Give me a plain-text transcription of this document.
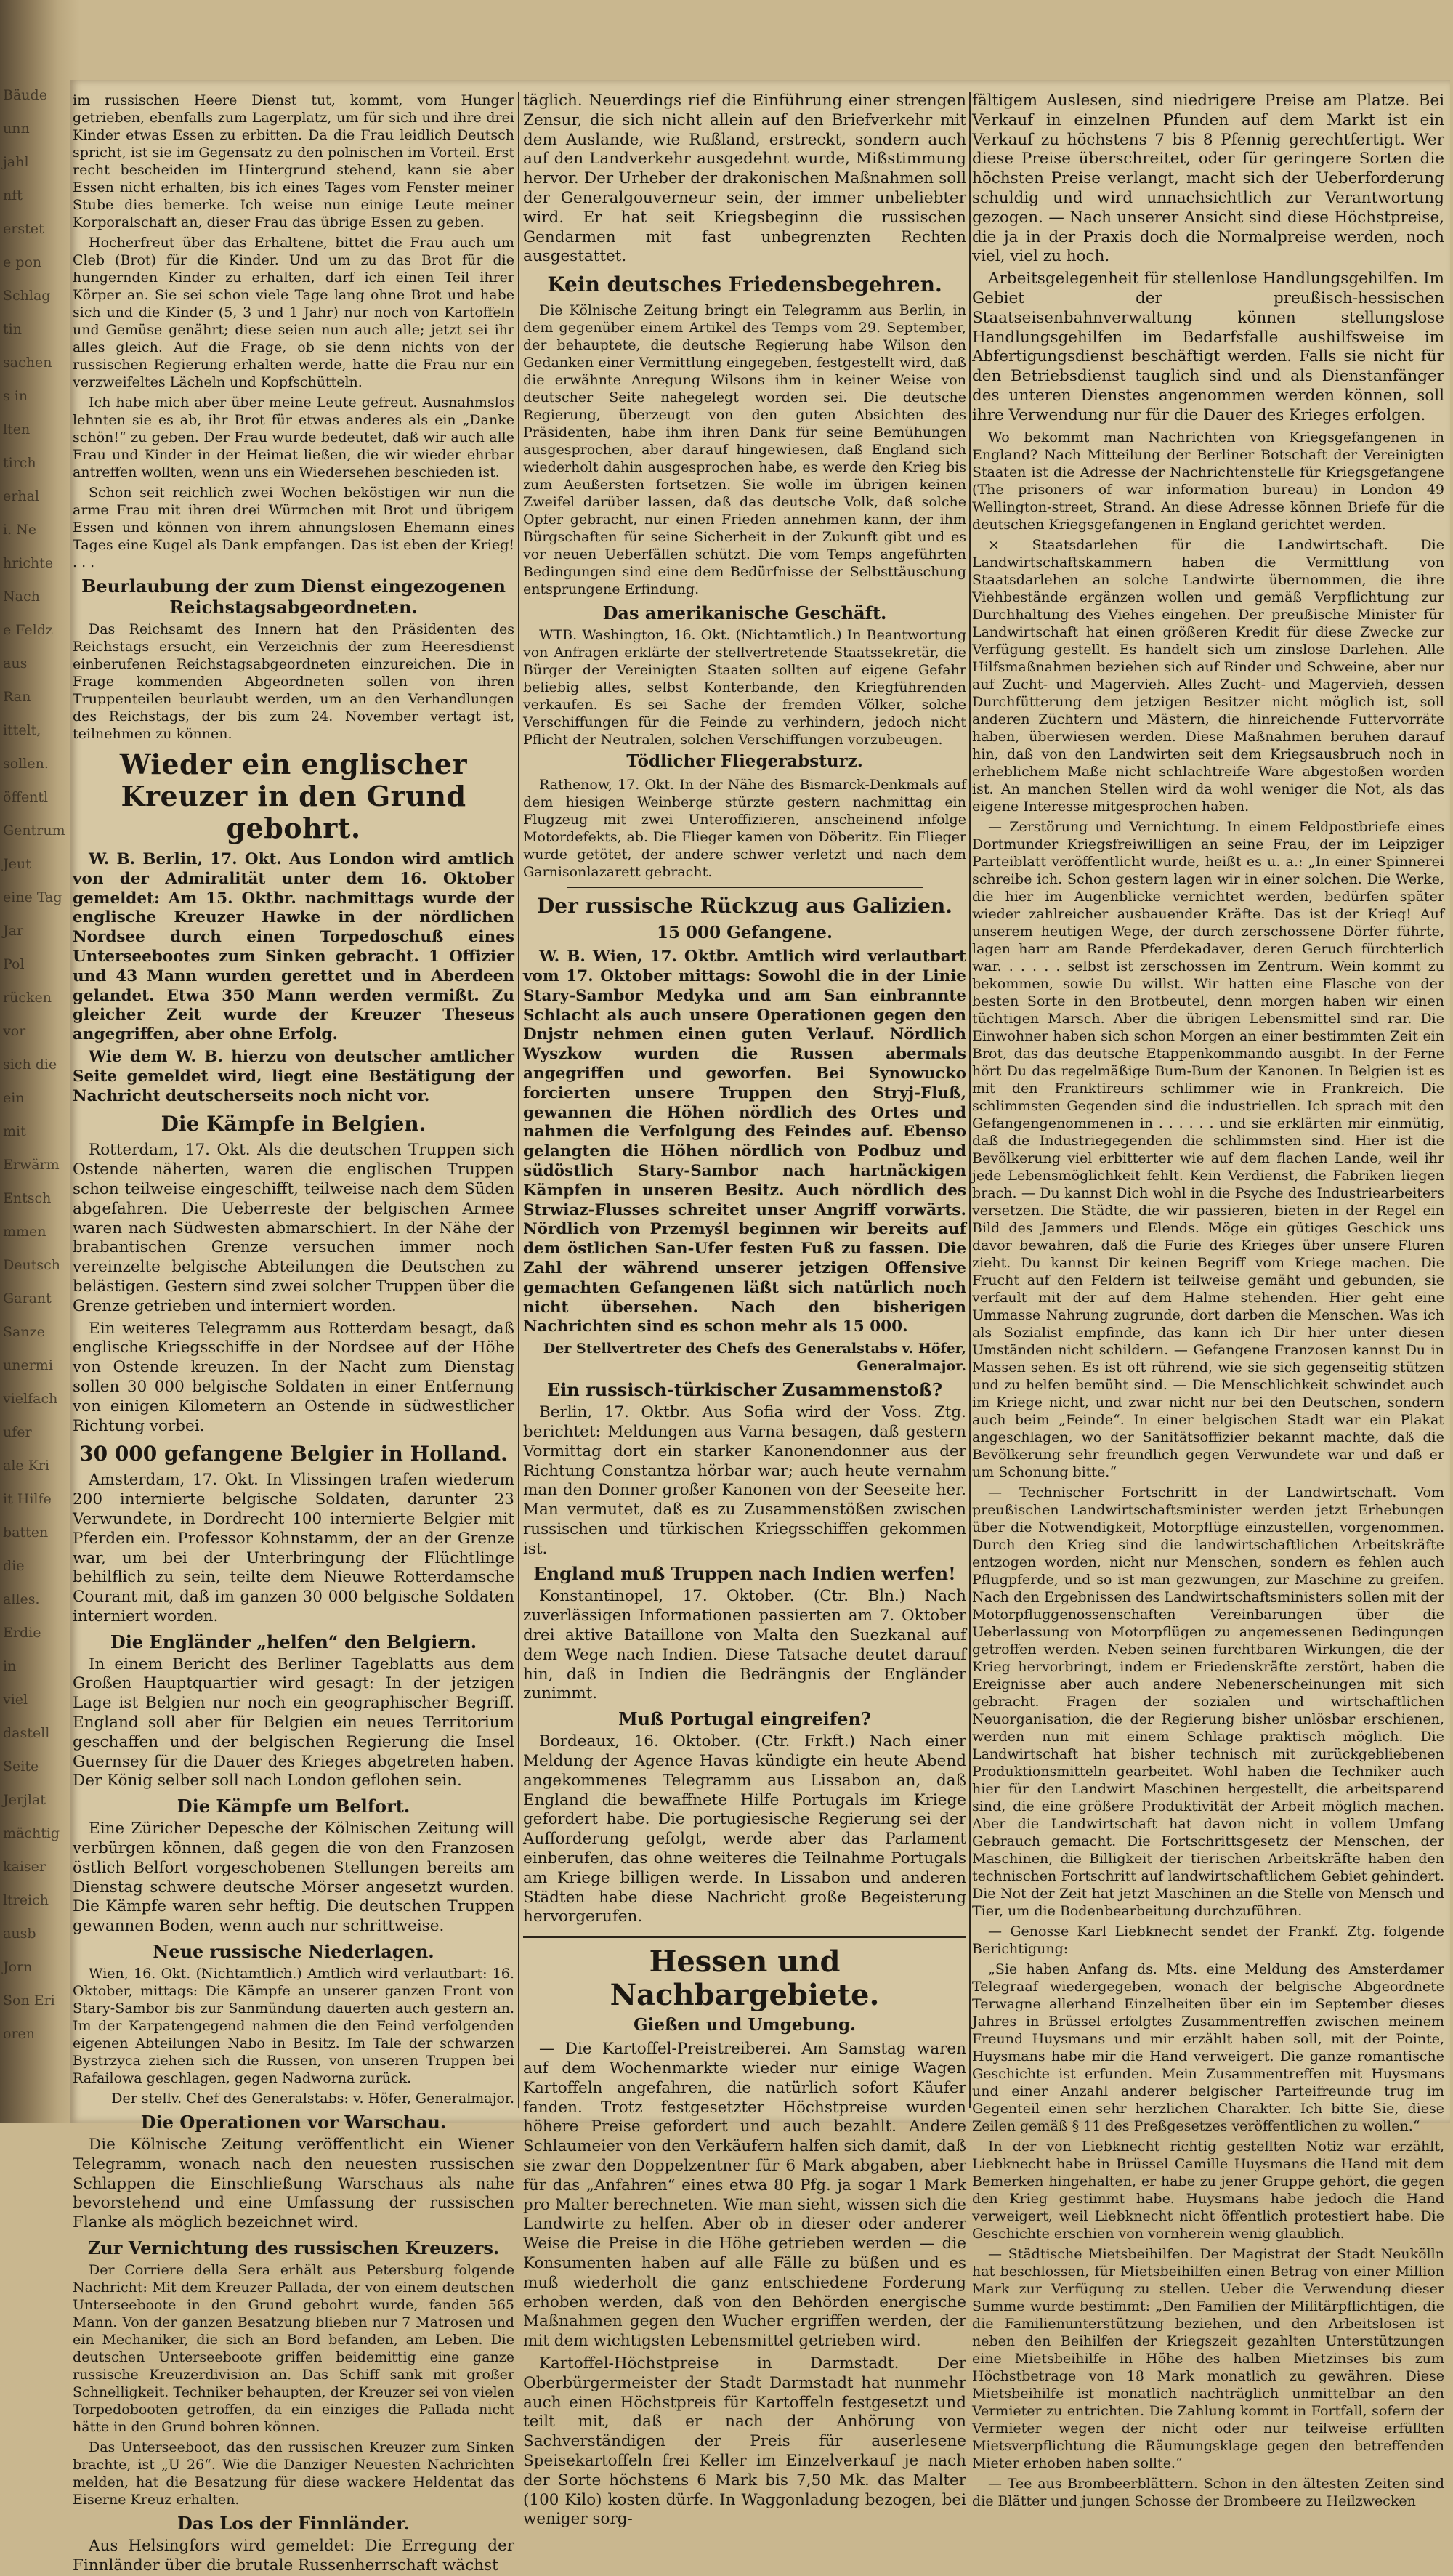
Bäude
unn
jahl
nft
erstet
e pon
Schlag
tin
sachen
s in
lten
tirch
erhal
i. Ne
hrichte
Nach
e Feldz
aus
Ran
ittelt,
sollen.
öffentl
Gentrum
Jeut
eine Tag
Jar
Pol
rücken
vor
sich die
ein
mit
Erwärm
Entsch
mmen
Deutsch
Garant
Sanze
unermi
vielfach
ufer
ale Kri
it Hilfe
batten
die
alles.
Erdie
in
viel
dastell
Seite
Jerjlat
mächtig
kaiser
ltreich
ausb
Jorn
Son Eri
oren

im russischen Heere Dienst tut, kommt, vom Hunger getrieben, ebenfalls zum Lagerplatz, um für sich und ihre drei Kinder etwas Essen zu erbitten. Da die Frau leidlich Deutsch spricht, ist sie im Gegensatz zu den polnischen im Vorteil. Erst recht bescheiden im Hintergrund stehend, kann sie aber Essen nicht erhalten, bis ich eines Tages vom Fenster meiner Stube dies bemerke. Ich weise nun einige Leute meiner Korporalschaft an, dieser Frau das übrige Essen zu geben.

Hocherfreut über das Erhaltene, bittet die Frau auch um Cleb (Brot) für die Kinder. Und um zu das Brot für die hungernden Kinder zu erhalten, darf ich einen Teil ihrer Körper an. Sie sei schon viele Tage lang ohne Brot und habe sich und die Kinder (5, 3 und 1 Jahr) nur noch von Kartoffeln und Gemüse genährt; diese seien nun auch alle; jetzt sei ihr alles gleich. Auf die Frage, ob sie denn nichts von der russischen Regierung erhalten werde, hatte die Frau nur ein verzweifeltes Lächeln und Kopfschütteln.

Ich habe mich aber über meine Leute gefreut. Ausnahmslos lehnten sie es ab, ihr Brot für etwas anderes als ein „Danke schön!“ zu geben. Der Frau wurde bedeutet, daß wir auch alle Frau und Kinder in der Heimat ließen, die wir wieder ehrbar antreffen wollten, wenn uns ein Wiedersehen beschieden ist.

Schon seit reichlich zwei Wochen beköstigen wir nun die arme Frau mit ihren drei Würmchen mit Brot und übrigem Essen und können von ihrem ahnungslosen Ehemann eines Tages eine Kugel als Dank empfangen. Das ist eben der Krieg! . . .

Beurlaubung der zum Dienst eingezogenen Reichstagsabgeordneten.

Das Reichsamt des Innern hat den Präsidenten des Reichstags ersucht, ein Verzeichnis der zum Heeresdienst einberufenen Reichstagsabgeordneten einzureichen. Die in Frage kommenden Abgeordneten sollen von ihren Truppenteilen beurlaubt werden, um an den Verhandlungen des Reichstags, der bis zum 24. November vertagt ist, teilnehmen zu können.

Wieder ein englischer Kreuzer in den Grund gebohrt.

W. B. Berlin, 17. Okt. Aus London wird amtlich von der Admiralität unter dem 16. Oktober gemeldet: Am 15. Oktbr. nachmittags wurde der englische Kreuzer Hawke in der nördlichen Nordsee durch einen Torpedoschuß eines Unterseebootes zum Sinken gebracht. 1 Offizier und 43 Mann wurden gerettet und in Aberdeen gelandet. Etwa 350 Mann werden vermißt. Zu gleicher Zeit wurde der Kreuzer Theseus angegriffen, aber ohne Erfolg.

Wie dem W. B. hierzu von deutscher amtlicher Seite gemeldet wird, liegt eine Bestätigung der Nachricht deutscherseits noch nicht vor.

Die Kämpfe in Belgien.

Rotterdam, 17. Okt. Als die deutschen Truppen sich Ostende näherten, waren die englischen Truppen schon teilweise eingeschifft, teilweise nach dem Süden abgefahren. Die Ueberreste der belgischen Armee waren nach Südwesten abmarschiert. In der Nähe der brabantischen Grenze versuchen immer noch vereinzelte belgische Abteilungen die Deutschen zu belästigen. Gestern sind zwei solcher Truppen über die Grenze getrieben und interniert worden.

Ein weiteres Telegramm aus Rotterdam besagt, daß englische Kriegsschiffe in der Nordsee auf der Höhe von Ostende kreuzen. In der Nacht zum Dienstag sollen 30 000 belgische Soldaten in einer Entfernung von einigen Kilometern an Ostende in südwestlicher Richtung vorbei.

30 000 gefangene Belgier in Holland.

Amsterdam, 17. Okt. In Vlissingen trafen wiederum 200 internierte belgische Soldaten, darunter 23 Verwundete, in Dordrecht 100 internierte Belgier mit Pferden ein. Professor Kohnstamm, der an der Grenze war, um bei der Unterbringung der Flüchtlinge behilflich zu sein, teilte dem Nieuwe Rotterdamsche Courant mit, daß im ganzen 30 000 belgische Soldaten interniert worden.

Die Engländer „helfen“ den Belgiern.

In einem Bericht des Berliner Tageblatts aus dem Großen Hauptquartier wird gesagt: In der jetzigen Lage ist Belgien nur noch ein geographischer Begriff. England soll aber für Belgien ein neues Territorium geschaffen und der belgischen Regierung die Insel Guernsey für die Dauer des Krieges abgetreten haben. Der König selber soll nach London geflohen sein.

Die Kämpfe um Belfort.

Eine Züricher Depesche der Kölnischen Zeitung will verbürgen können, daß gegen die von den Franzosen östlich Belfort vorgeschobenen Stellungen bereits am Dienstag schwere deutsche Mörser angesetzt wurden. Die Kämpfe waren sehr heftig. Die deutschen Truppen gewannen Boden, wenn auch nur schrittweise.

Neue russische Niederlagen.

Wien, 16. Okt. (Nichtamtlich.) Amtlich wird verlautbart: 16. Oktober, mittags: Die Kämpfe an unserer ganzen Front von Stary-Sambor bis zur Sanmündung dauerten auch gestern an. Im der Karpatengegend nahmen die den Feind verfolgenden eigenen Abteilungen Nabo in Besitz. Im Tale der schwarzen Bystrzyca ziehen sich die Russen, von unseren Truppen bei Rafailowa geschlagen, gegen Nadworna zurück.

Der stellv. Chef des Generalstabs: v. Höfer, Generalmajor.

Die Operationen vor Warschau.

Die Kölnische Zeitung veröffentlicht ein Wiener Telegramm, wonach nach den neuesten russischen Schlappen die Einschließung Warschaus als nahe bevorstehend und eine Umfassung der russischen Flanke als möglich bezeichnet wird.

Zur Vernichtung des russischen Kreuzers.

Der Corriere della Sera erhält aus Petersburg folgende Nachricht: Mit dem Kreuzer Pallada, der von einem deutschen Unterseeboote in den Grund gebohrt wurde, fanden 565 Mann. Von der ganzen Besatzung blieben nur 7 Matrosen und ein Mechaniker, die sich an Bord befanden, am Leben. Die deutschen Unterseeboote griffen beidemittig eine ganze russische Kreuzerdivision an. Das Schiff sank mit großer Schnelligkeit. Techniker behaupten, der Kreuzer sei von vielen Torpedobooten getroffen, da ein einziges die Pallada nicht hätte in den Grund bohren können.

Das Unterseeboot, das den russischen Kreuzer zum Sinken brachte, ist „U 26“. Wie die Danziger Neuesten Nachrichten melden, hat die Besatzung für diese wackere Heldentat das Eiserne Kreuz erhalten.

Das Los der Finnländer.

Aus Helsingfors wird gemeldet: Die Erregung der Finnländer über die brutale Russenherrschaft wächst

täglich. Neuerdings rief die Einführung einer strengen Zensur, die sich nicht allein auf den Briefverkehr mit dem Auslande, wie Rußland, erstreckt, sondern auch auf den Landverkehr ausgedehnt wurde, Mißstimmung hervor. Der Urheber der drakonischen Maßnahmen soll der Generalgouverneur sein, der immer unbeliebter wird. Er hat seit Kriegsbeginn die russischen Gendarmen mit fast unbegrenzten Rechten ausgestattet.

Kein deutsches Friedensbegehren.

Die Kölnische Zeitung bringt ein Telegramm aus Berlin, in dem gegenüber einem Artikel des Temps vom 29. September, der behauptete, die deutsche Regierung habe Wilson den Gedanken einer Vermittlung eingegeben, festgestellt wird, daß die erwähnte Anregung Wilsons ihm in keiner Weise von deutscher Seite nahegelegt worden sei. Die deutsche Regierung, überzeugt von den guten Absichten des Präsidenten, habe ihm ihren Dank für seine Bemühungen ausgesprochen, aber darauf hingewiesen, daß England sich wiederholt dahin ausgesprochen habe, es werde den Krieg bis zum Aeußersten fortsetzen. Sie wolle im übrigen keinen Zweifel darüber lassen, daß das deutsche Volk, daß solche Opfer gebracht, nur einen Frieden annehmen kann, der ihm Bürgschaften für seine Sicherheit in der Zukunft gibt und es vor neuen Ueberfällen schützt. Die vom Temps angeführten Bedingungen sind eine dem Bedürfnisse der Selbsttäuschung entsprungene Erfindung.

Das amerikanische Geschäft.

WTB. Washington, 16. Okt. (Nichtamtlich.) In Beantwortung von Anfragen erklärte der stellvertretende Staatssekretär, die Bürger der Vereinigten Staaten sollten auf eigene Gefahr beliebig alles, selbst Konterbande, den Kriegführenden verkaufen. Es sei Sache der fremden Völker, solche Verschiffungen für die Feinde zu verhindern, jedoch nicht Pflicht der Neutralen, solchen Verschiffungen vorzubeugen.

Tödlicher Fliegerabsturz.

Rathenow, 17. Okt. In der Nähe des Bismarck-Denkmals auf dem hiesigen Weinberge stürzte gestern nachmittag ein Flugzeug mit zwei Unteroffizieren, anscheinend infolge Motordefekts, ab. Die Flieger kamen von Döberitz. Ein Flieger wurde getötet, der andere schwer verletzt und nach dem Garnisonlazarett gebracht.

Der russische Rückzug aus Galizien.
15 000 Gefangene.

W. B. Wien, 17. Oktbr. Amtlich wird verlautbart vom 17. Oktober mittags: Sowohl die in der Linie Stary-Sambor Medyka und am San einbrannte Schlacht als auch unsere Operationen gegen den Dnjstr nehmen einen guten Verlauf. Nördlich Wyszkow wurden die Russen abermals angegriffen und geworfen. Bei Synowucko forcierten unsere Truppen den Stryj-Fluß, gewannen die Höhen nördlich des Ortes und nahmen die Verfolgung des Feindes auf. Ebenso gelangten die Höhen nördlich von Podbuz und südöstlich Stary-Sambor nach hartnäckigen Kämpfen in unseren Besitz. Auch nördlich des Strwiaz-Flusses schreitet unser Angriff vorwärts. Nördlich von Przemyśl beginnen wir bereits auf dem östlichen San-Ufer festen Fuß zu fassen. Die Zahl der während unserer jetzigen Offensive gemachten Gefangenen läßt sich natürlich noch nicht übersehen. Nach den bisherigen Nachrichten sind es schon mehr als 15 000.

Der Stellvertreter des Chefs des Generalstabs v. Höfer, Generalmajor.

Ein russisch-türkischer Zusammenstoß?

Berlin, 17. Oktbr. Aus Sofia wird der Voss. Ztg. berichtet: Meldungen aus Varna besagen, daß gestern Vormittag dort ein starker Kanonendonner aus der Richtung Constantza hörbar war; auch heute vernahm man den Donner großer Kanonen von der Seeseite her. Man vermutet, daß es zu Zusammenstößen zwischen russischen und türkischen Kriegsschiffen gekommen ist.

England muß Truppen nach Indien werfen!

Konstantinopel, 17. Oktober. (Ctr. Bln.) Nach zuverlässigen Informationen passierten am 7. Oktober drei aktive Bataillone von Malta den Suezkanal auf dem Wege nach Indien. Diese Tatsache deutet darauf hin, daß in Indien die Bedrängnis der Engländer zunimmt.

Muß Portugal eingreifen?

Bordeaux, 16. Oktober. (Ctr. Frkft.) Nach einer Meldung der Agence Havas kündigte ein heute Abend angekommenes Telegramm aus Lissabon an, daß England die bewaffnete Hilfe Portugals im Kriege gefordert habe. Die portugiesische Regierung sei der Aufforderung gefolgt, werde aber das Parlament einberufen, das ohne weiteres die Teilnahme Portugals am Kriege billigen werde. In Lissabon und anderen Städten habe diese Nachricht große Begeisterung hervorgerufen.

Hessen und Nachbargebiete.
Gießen und Umgebung.

— Die Kartoffel-Preistreiberei. Am Samstag waren auf dem Wochenmarkte wieder nur einige Wagen Kartoffeln angefahren, die natürlich sofort Käufer fanden. Trotz festgesetzter Höchstpreise wurden höhere Preise gefordert und auch bezahlt. Andere Schlaumeier von den Verkäufern halfen sich damit, daß sie zwar den Doppelzentner für 6 Mark abgaben, aber für das „Anfahren“ eines etwa 80 Pfg. ja sogar 1 Mark pro Malter berechneten. Wie man sieht, wissen sich die Landwirte zu helfen. Aber ob in dieser oder anderer Weise die Preise in die Höhe getrieben werden — die Konsumenten haben auf alle Fälle zu büßen und es muß wiederholt die ganz entschiedene Forderung erhoben werden, daß von den Behörden energische Maßnahmen gegen den Wucher ergriffen werden, der mit dem wichtigsten Lebensmittel getrieben wird.

Kartoffel-Höchstpreise in Darmstadt. Der Oberbürgermeister der Stadt Darmstadt hat nunmehr auch einen Höchstpreis für Kartoffeln festgesetzt und teilt mit, daß er nach der Anhörung von Sachverständigen der Preis für auserlesene Speisekartoffeln frei Keller im Einzelverkauf je nach der Sorte höchstens 6 Mark bis 7,50 Mk. das Malter (100 Kilo) kosten dürfe. In Waggonladung bezogen, bei weniger sorg-

fältigem Auslesen, sind niedrigere Preise am Platze. Bei Verkauf in einzelnen Pfunden auf dem Markt ist ein Verkauf zu höchstens 7 bis 8 Pfennig gerechtfertigt. Wer diese Preise überschreitet, oder für geringere Sorten die höchsten Preise verlangt, macht sich der Ueberforderung schuldig und wird unnachsichtlich zur Verantwortung gezogen. — Nach unserer Ansicht sind diese Höchstpreise, die ja in der Praxis doch die Normalpreise werden, noch viel, viel zu hoch.

Arbeitsgelegenheit für stellenlose Handlungsgehilfen. Im Gebiet der preußisch-hessischen Staatseisenbahnverwaltung können stellungslose Handlungsgehilfen im Bedarfsfalle aushilfsweise im Abfertigungsdienst beschäftigt werden. Falls sie nicht für den Betriebsdienst tauglich sind und als Dienstanfänger des unteren Dienstes angenommen werden können, soll ihre Verwendung nur für die Dauer des Krieges erfolgen.

Wo bekommt man Nachrichten von Kriegsgefangenen in England? Nach Mitteilung der Berliner Botschaft der Vereinigten Staaten ist die Adresse der Nachrichtenstelle für Kriegsgefangene (The prisoners of war information bureau) in London 49 Wellington-street, Strand. An diese Adresse können Briefe für die deutschen Kriegsgefangenen in England gerichtet werden.

× Staatsdarlehen für die Landwirtschaft. Die Landwirtschaftskammern haben die Vermittlung von Staatsdarlehen an solche Landwirte übernommen, die ihre Viehbestände ergänzen wollen und gemäß Verpflichtung zur Durchhaltung des Viehes eingehen. Der preußische Minister für Landwirtschaft hat einen größeren Kredit für diese Zwecke zur Verfügung gestellt. Es handelt sich um zinslose Darlehen. Alle Hilfsmaßnahmen beziehen sich auf Rinder und Schweine, aber nur auf Zucht- und Magervieh. Alles Zucht- und Magervieh, dessen Durchfütterung dem jetzigen Besitzer nicht möglich ist, soll anderen Züchtern und Mästern, die hinreichende Futtervorräte haben, überwiesen werden. Diese Maßnahmen beruhen darauf hin, daß von den Landwirten seit dem Kriegsausbruch noch in erheblichem Maße nicht schlachtreife Ware abgestoßen worden ist. An manchen Stellen wird da wohl weniger die Not, als das eigene Interesse mitgesprochen haben.

— Zerstörung und Vernichtung. In einem Feldpostbriefe eines Dortmunder Kriegsfreiwilligen an seine Frau, der im Leipziger Parteiblatt veröffentlicht wurde, heißt es u. a.: „In einer Spinnerei schreibe ich. Schon gestern lagen wir in einer solchen. Die Werke, die hier im Augenblicke vernichtet werden, bedürfen später wieder zahlreicher ausbauender Kräfte. Das ist der Krieg! Auf unserem heutigen Wege, der durch zerschossene Dörfer führte, lagen harr am Rande Pferdekadaver, deren Geruch fürchterlich war. . . . . . selbst ist zerschossen im Zentrum. Wein kommt zu bekommen, sowie Du willst. Wir hatten eine Flasche von der besten Sorte in den Brotbeutel, denn morgen haben wir einen tüchtigen Marsch. Aber die übrigen Lebensmittel sind rar. Die Einwohner haben sich schon Morgen an einer bestimmten Zeit ein Brot, das das deutsche Etappenkommando ausgibt. In der Ferne hört Du das regelmäßige Bum-Bum der Kanonen. In Belgien ist es mit den Franktireurs schlimmer wie in Frankreich. Die schlimmsten Gegenden sind die industriellen. Ich sprach mit den Gefangengenommenen in . . . . . . und sie erklärten mir einmütig, daß die Industriegegenden die schlimmsten sind. Hier ist die Bevölkerung viel erbitterter wie auf dem flachen Lande, weil ihr jede Lebensmöglichkeit fehlt. Kein Verdienst, die Fabriken liegen brach. — Du kannst Dich wohl in die Psyche des Industriearbeiters versetzen. Die Städte, die wir passieren, bieten in der Regel ein Bild des Jammers und Elends. Möge ein gütiges Geschick uns davor bewahren, daß die Furie des Krieges über unsere Fluren zieht. Du kannst Dir keinen Begriff vom Kriege machen. Die Frucht auf den Feldern ist teilweise gemäht und gebunden, sie verfault mit der auf dem Halme stehenden. Hier geht eine Ummasse Nahrung zugrunde, dort darben die Menschen. Was ich als Sozialist empfinde, das kann ich Dir hier unter diesen Umständen nicht schildern. — Gefangene Franzosen kannst Du in Massen sehen. Es ist oft rührend, wie sie sich gegenseitig stützen und zu helfen bemüht sind. — Die Menschlichkeit schwindet auch im Kriege nicht, und zwar nicht nur bei den Deutschen, sondern auch beim „Feinde“. In einer belgischen Stadt war ein Plakat angeschlagen, wo der Sanitätsoffizier bekannt machte, daß die Bevölkerung sehr freundlich gegen Verwundete war und daß er um Schonung bitte.“

— Technischer Fortschritt in der Landwirtschaft. Vom preußischen Landwirtschaftsminister werden jetzt Erhebungen über die Notwendigkeit, Motorpflüge einzustellen, vorgenommen. Durch den Krieg sind die landwirtschaftlichen Arbeitskräfte entzogen worden, nicht nur Menschen, sondern es fehlen auch Pflugpferde, und so ist man gezwungen, zur Maschine zu greifen. Nach den Ergebnissen des Landwirtschaftsministers sollen mit der Motorpfluggenossenschaften Vereinbarungen über die Ueberlassung von Motorpflügen zu angemessenen Bedingungen getroffen werden. Neben seinen furchtbaren Wirkungen, die der Krieg hervorbringt, indem er Friedenskräfte zerstört, haben die Ereignisse aber auch andere Nebenerscheinungen mit sich gebracht. Fragen der sozialen und wirtschaftlichen Neuorganisation, die der Regierung bisher unlösbar erschienen, werden nun mit einem Schlage praktisch möglich. Die Landwirtschaft hat bisher technisch mit zurückgebliebenen Produktionsmitteln gearbeitet. Wohl haben die Techniker auch hier für den Landwirt Maschinen hergestellt, die arbeitsparend sind, die eine größere Produktivität der Arbeit möglich machen. Aber die Landwirtschaft hat davon nicht in vollem Umfang Gebrauch gemacht. Die Fortschrittsgesetz der Menschen, der Maschinen, die Billigkeit der tierischen Arbeitskräfte haben den technischen Fortschritt auf landwirtschaftlichem Gebiet gehindert. Die Not der Zeit hat jetzt Maschinen an die Stelle von Mensch und Tier, um die Bodenbearbeitung durchzuführen.

— Genosse Karl Liebknecht sendet der Frankf. Ztg. folgende Berichtigung:

„Sie haben Anfang ds. Mts. eine Meldung des Amsterdamer Telegraaf wiedergegeben, wonach der belgische Abgeordnete Terwagne allerhand Einzelheiten über ein im September dieses Jahres in Brüssel erfolgtes Zusammentreffen zwischen meinem Freund Huysmans und mir erzählt haben soll, mit der Pointe, Huysmans habe mir die Hand verweigert. Die ganze romantische Geschichte ist erfunden. Mein Zusammentreffen mit Huysmans und einer Anzahl anderer belgischer Parteifreunde trug im Gegenteil einen sehr herzlichen Charakter. Ich bitte Sie, diese Zeilen gemäß § 11 des Preßgesetzes veröffentlichen zu wollen.“

In der von Liebknecht richtig gestellten Notiz war erzählt, Liebknecht habe in Brüssel Camille Huysmans die Hand mit dem Bemerken hingehalten, er habe zu jener Gruppe gehört, die gegen den Krieg gestimmt habe. Huysmans habe jedoch die Hand verweigert, weil Liebknecht nicht öffentlich protestiert habe. Die Geschichte erschien von vornherein wenig glaublich.

— Städtische Mietsbeihilfen. Der Magistrat der Stadt Neukölln hat beschlossen, für Mietsbeihilfen einen Betrag von einer Million Mark zur Verfügung zu stellen. Ueber die Verwendung dieser Summe wurde bestimmt: „Den Familien der Militärpflichtigen, die die Familienunterstützung beziehen, und den Arbeitslosen ist neben den Beihilfen der Kriegszeit gezahlten Unterstützungen eine Mietsbeihilfe in Höhe des halben Mietzinses bis zum Höchstbetrage von 18 Mark monatlich zu gewähren. Diese Mietsbeihilfe ist monatlich nachträglich unmittelbar an den Vermieter zu entrichten. Die Zahlung kommt in Fortfall, sofern der Vermieter wegen der nicht oder nur teilweise erfüllten Mietsverpflichtung die Räumungsklage gegen den betreffenden Mieter erhoben haben sollte.“

— Tee aus Brombeerblättern. Schon in den ältesten Zeiten sind die Blätter und jungen Schosse der Brombeere zu Heilzwecken
